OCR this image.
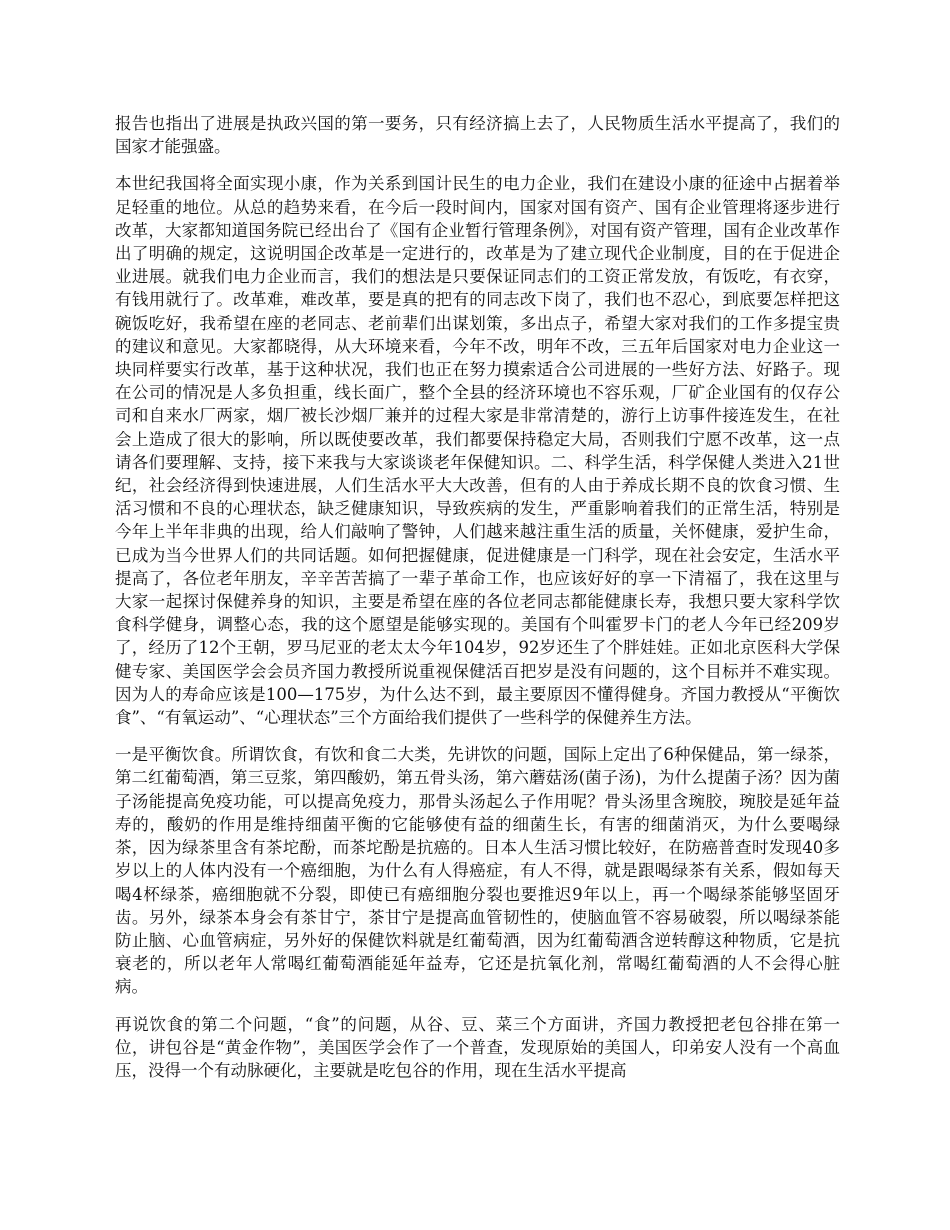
报告也指出了进展是执政兴国的第一要务，只有经济搞上去了，人民物质生活水平提高了，我们的国家才能强盛。

本世纪我国将全面实现小康，作为关系到国计民生的电力企业，我们在建设小康的征途中占据着举足轻重的地位。从总的趋势来看，在今后一段时间内，国家对国有资产、国有企业管理将逐步进行改革，大家都知道国务院已经出台了《国有企业暂行管理条例》，对国有资产管理，国有企业改革作出了明确的规定，这说明国企改革是一定进行的，改革是为了建立现代企业制度，目的在于促进企业进展。就我们电力企业而言，我们的想法是只要保证同志们的工资正常发放，有饭吃，有衣穿，有钱用就行了。改革难，难改革，要是真的把有的同志改下岗了，我们也不忍心，到底要怎样把这碗饭吃好，我希望在座的老同志、老前辈们出谋划策，多出点子，希望大家对我们的工作多提宝贵的建议和意见。大家都晓得，从大环境来看，今年不改，明年不改，三五年后国家对电力企业这一块同样要实行改革，基于这种状况，我们也正在努力摸索适合公司进展的一些好方法、好路子。现在公司的情况是人多负担重，线长面广，整个全县的经济环境也不容乐观，厂矿企业国有的仅存公司和自来水厂两家，烟厂被长沙烟厂兼并的过程大家是非常清楚的，游行上访事件接连发生，在社会上造成了很大的影响，所以既使要改革，我们都要保持稳定大局，否则我们宁愿不改革，这一点请各们要理解、支持，接下来我与大家谈谈老年保健知识。二、科学生活，科学保健人类进入21世纪，社会经济得到快速进展，人们生活水平大大改善，但有的人由于养成长期不良的饮食习惯、生活习惯和不良的心理状态，缺乏健康知识，导致疾病的发生，严重影响着我们的正常生活，特别是今年上半年非典的出现，给人们敲响了警钟，人们越来越注重生活的质量，关怀健康，爱护生命，已成为当今世界人们的共同话题。如何把握健康，促进健康是一门科学，现在社会安定，生活水平提高了，各位老年朋友，辛辛苦苦搞了一辈子革命工作，也应该好好的享一下清福了，我在这里与大家一起探讨保健养身的知识，主要是希望在座的各位老同志都能健康长寿，我想只要大家科学饮食科学健身，调整心态，我的这个愿望是能够实现的。美国有个叫霍罗卡门的老人今年已经209岁了，经历了12个王朝，罗马尼亚的老太太今年104岁，92岁还生了个胖娃娃。正如北京医科大学保健专家、美国医学会会员齐国力教授所说重视保健活百把岁是没有问题的，这个目标并不难实现。因为人的寿命应该是100—175岁，为什么达不到，最主要原因不懂得健身。齐国力教授从“平衡饮食”、“有氧运动”、“心理状态”三个方面给我们提供了一些科学的保健养生方法。

一是平衡饮食。所谓饮食，有饮和食二大类，先讲饮的问题，国际上定出了6种保健品，第一绿茶，第二红葡萄酒，第三豆浆，第四酸奶，第五骨头汤，第六蘑菇汤(菌子汤)，为什么提菌子汤？因为菌子汤能提高免疫功能，可以提高免疫力，那骨头汤起么子作用呢？骨头汤里含琬胶，琬胶是延年益寿的，酸奶的作用是维持细菌平衡的它能够使有益的细菌生长，有害的细菌消灭，为什么要喝绿茶，因为绿茶里含有茶坨酚，而茶坨酚是抗癌的。日本人生活习惯比较好，在防癌普查时发现40多岁以上的人体内没有一个癌细胞，为什么有人得癌症，有人不得，就是跟喝绿茶有关系，假如每天喝4杯绿茶，癌细胞就不分裂，即使已有癌细胞分裂也要推迟9年以上，再一个喝绿茶能够坚固牙齿。另外，绿茶本身会有茶甘宁，茶甘宁是提高血管韧性的，使脑血管不容易破裂，所以喝绿茶能防止脑、心血管病症，另外好的保健饮料就是红葡萄酒，因为红葡萄酒含逆转醇这种物质，它是抗衰老的，所以老年人常喝红葡萄酒能延年益寿，它还是抗氧化剂，常喝红葡萄酒的人不会得心脏病。

再说饮食的第二个问题，“食”的问题，从谷、豆、菜三个方面讲，齐国力教授把老包谷排在第一位，讲包谷是“黄金作物”，美国医学会作了一个普查，发现原始的美国人，印弟安人没有一个高血压，没得一个有动脉硬化，主要就是吃包谷的作用，现在生活水平提高
